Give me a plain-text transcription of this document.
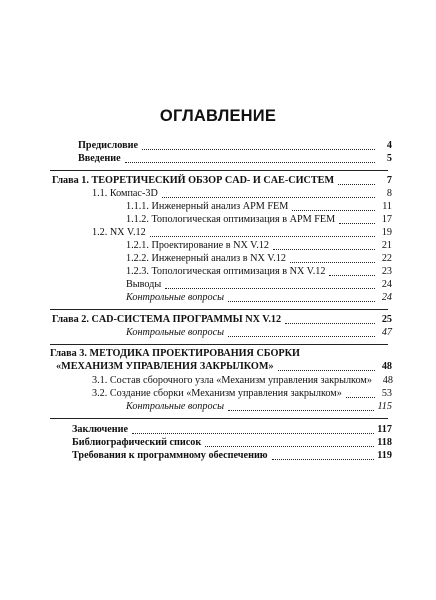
ОГЛАВЛЕНИЕ
Предисловие	4
Введение	5
Глава 1. ТЕОРЕТИЧЕСКИЙ ОБЗОР CAD- И CAE-СИСТЕМ	7
1.1. Компас-3D	8
1.1.1. Инженерный анализ APM FEM	11
1.1.2. Топологическая оптимизация в APM FEM	17
1.2. NX V.12	19
1.2.1. Проектирование в NX V.12	21
1.2.2. Инженерный анализ в NX V.12	22
1.2.3. Топологическая оптимизация в NX V.12	23
Выводы	24
Контрольные вопросы	24
Глава 2. CAD-СИСТЕМА ПРОГРАММЫ NX V.12	25
Контрольные вопросы	47
Глава 3. МЕТОДИКА ПРОЕКТИРОВАНИЯ СБОРКИ
«МЕХАНИЗМ УПРАВЛЕНИЯ ЗАКРЫЛКОМ»	48
3.1. Состав сборочного узла «Механизм управления закрылком»	48
3.2. Создание сборки «Механизм управления закрылком»	53
Контрольные вопросы	115
Заключение	117
Библиографический список	118
Требования к программному обеспечению	119
